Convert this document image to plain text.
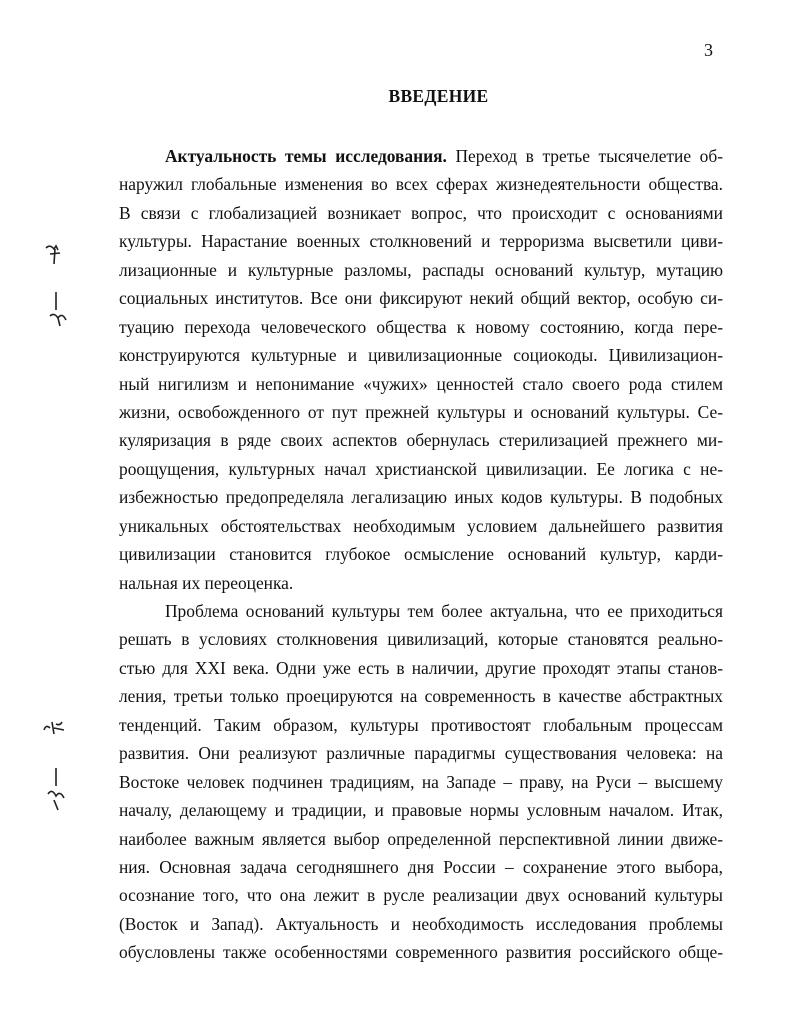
3
ВВЕДЕНИЕ
Актуальность темы исследования. Переход в третье тысячелетие об-
наружил глобальные изменения во всех сферах жизнедеятельности общества.
В связи с глобализацией возникает вопрос, что происходит с основаниями
культуры. Нарастание военных столкновений и терроризма высветили циви-
лизационные и культурные разломы, распады оснований культур, мутацию
социальных институтов. Все они фиксируют некий общий вектор, особую си-
туацию перехода человеческого общества к новому состоянию, когда пере-
конструируются культурные и цивилизационные социокоды. Цивилизацион-
ный нигилизм и непонимание «чужих» ценностей стало своего рода стилем
жизни, освобожденного от пут прежней культуры и оснований культуры. Се-
куляризация в ряде своих аспектов обернулась стерилизацией прежнего ми-
роощущения, культурных начал христианской цивилизации. Ее логика с не-
избежностью предопределяла легализацию иных кодов культуры. В подобных
уникальных обстоятельствах необходимым условием дальнейшего развития
цивилизации становится глубокое осмысление оснований культур, карди-
нальная их переоценка.
Проблема оснований культуры тем более актуальна, что ее приходиться
решать в условиях столкновения цивилизаций, которые становятся реально-
стью для XXI века. Одни уже есть в наличии, другие проходят этапы станов-
ления, третьи только проецируются на современность в качестве абстрактных
тенденций. Таким образом, культуры противостоят глобальным процессам
развития. Они реализуют различные парадигмы существования человека: на
Востоке человек подчинен традициям, на Западе – праву, на Руси – высшему
началу, делающему и традиции, и правовые нормы условным началом. Итак,
наиболее важным является выбор определенной перспективной линии движе-
ния. Основная задача сегодняшнего дня России – сохранение этого выбора,
осознание того, что она лежит в русле реализации двух оснований культуры
(Восток и Запад). Актуальность и необходимость исследования проблемы
обусловлены также особенностями современного развития российского обще-
